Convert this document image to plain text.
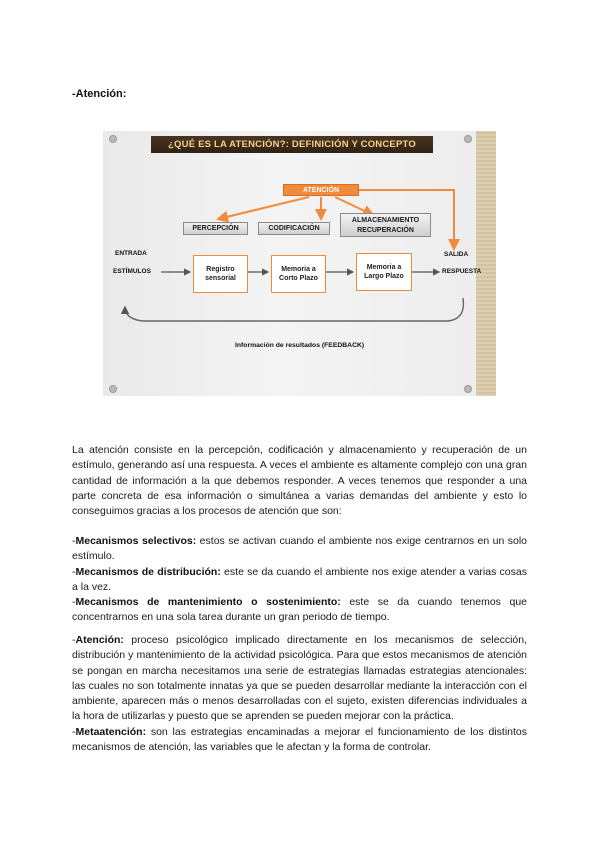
-Atención:
¿QUÉ ES LA ATENCIÓN?: DEFINICIÓN Y CONCEPTO
ATENCIÓN
PERCEPCIÓN	CODIFICACIÓN
ALMACENAMIENTO
RECUPERACIÓN
ENTRADA
ESTÍMULOS
SALIDA
RESPUESTA
Registro
sensorial
Memoria a
Corto Plazo
Memoria a
Largo Plazo
Información de resultados (FEEDBACK)
La atención consiste en la percepción, codificación y almacenamiento y recuperación de un estímulo, generando así una respuesta. A veces el ambiente es altamente complejo con una gran cantidad de información a la que debemos responder. A veces tenemos que responder a una parte concreta de esa información o simultánea a varias demandas del ambiente y esto lo conseguimos gracias a los procesos de atención que son:
-Mecanismos selectivos: estos se activan cuando el ambiente nos exige centrarnos en un solo estímulo.
-Mecanismos de distribución: este se da cuando el ambiente nos exige atender a varias cosas a la vez.
-Mecanismos de mantenimiento o sostenimiento: este se da cuando tenemos que concentrarnos en una sola tarea durante un gran periodo de tiempo.
-Atención: proceso psicológico implicado directamente en los mecanismos de selección, distribución y mantenimiento de la actividad psicológica. Para que estos mecanismos de atención se pongan en marcha necesitamos una serie de estrategias llamadas estrategias atencionales: las cuales no son totalmente innatas ya que se pueden desarrollar mediante la interacción con el ambiente, aparecen más o menos desarrolladas con el sujeto, existen diferencias individuales a la hora de utilizarlas y puesto que se aprenden se pueden mejorar con la práctica.
-Metaatención: son las estrategias encaminadas a mejorar el funcionamiento de los distintos mecanismos de atención, las variables que le afectan y la forma de controlar.
